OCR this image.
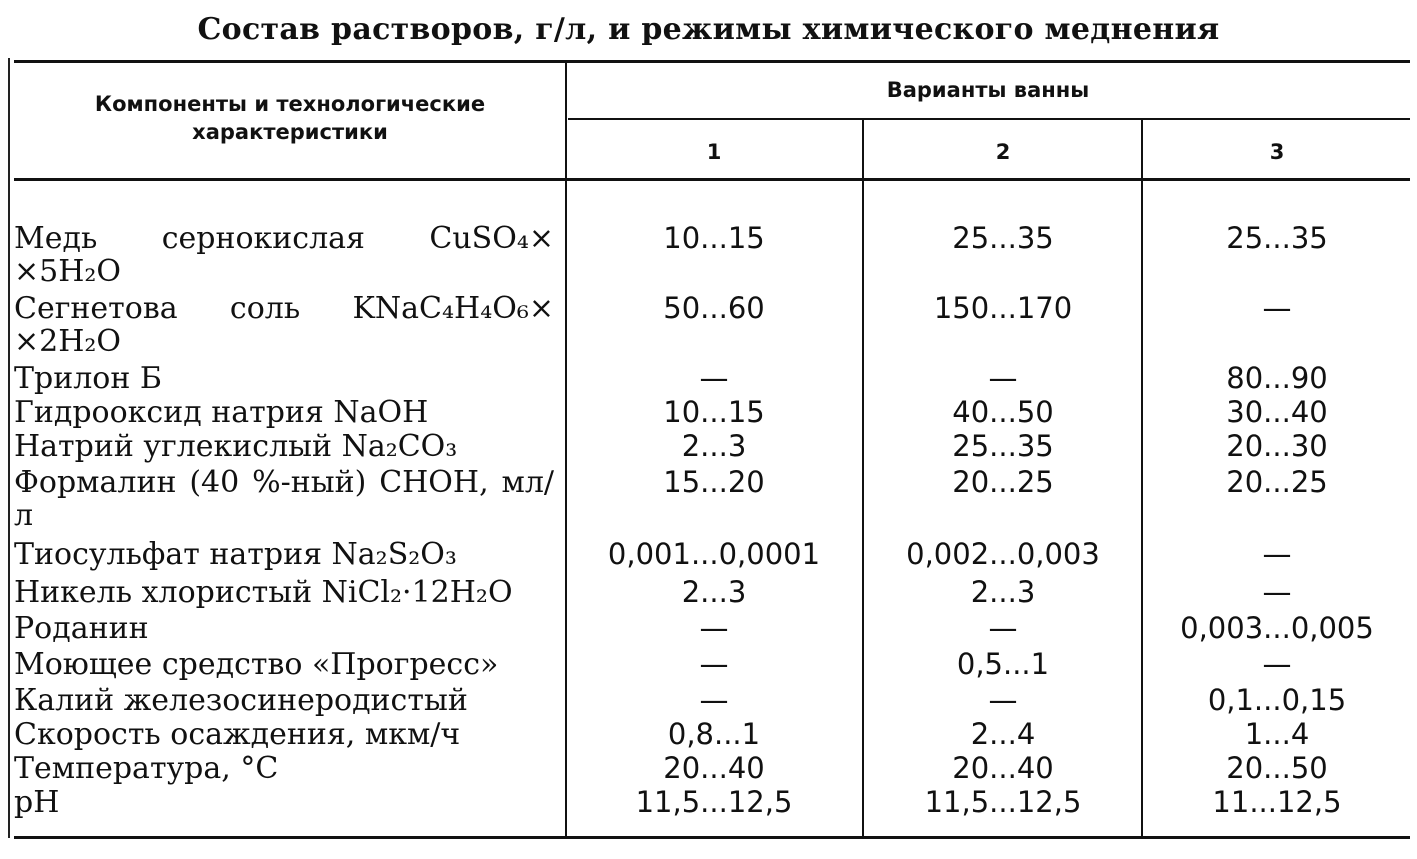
Состав растворов, г/л, и режимы химического меднения
Компоненты и технологические характеристики
Варианты ванны
1	2	3
Медь сернокислая CuSO₄× ×5H₂O
10...15	25...35	25...35
Сегнетова соль KNaC₄H₄O₆× ×2H₂O
50...60	150...170	—
Трилон Б	—	—	80...90
Гидрооксид натрия NaOH	10...15	40...50	30...40
Натрий углекислый Na₂CO₃	2...3	25...35	20...30
Формалин (40 %-ный) CHOH, мл/л
15...20	20...25	20...25
Тиосульфат натрия Na₂S₂O₃	0,001...0,0001	0,002...0,003	—
Никель хлористый NiCl₂·12H₂O	2...3	2...3	—
Роданин	—	—	0,003...0,005
Моющее средство «Прогресс»	—	0,5...1	—
Калий железосинеродистый	—	—	0,1...0,15
Скорость осаждения, мкм/ч	0,8...1	2...4	1...4
Температура, °C	20...40	20...40	20...50
pH	11,5...12,5	11,5...12,5	11...12,5
